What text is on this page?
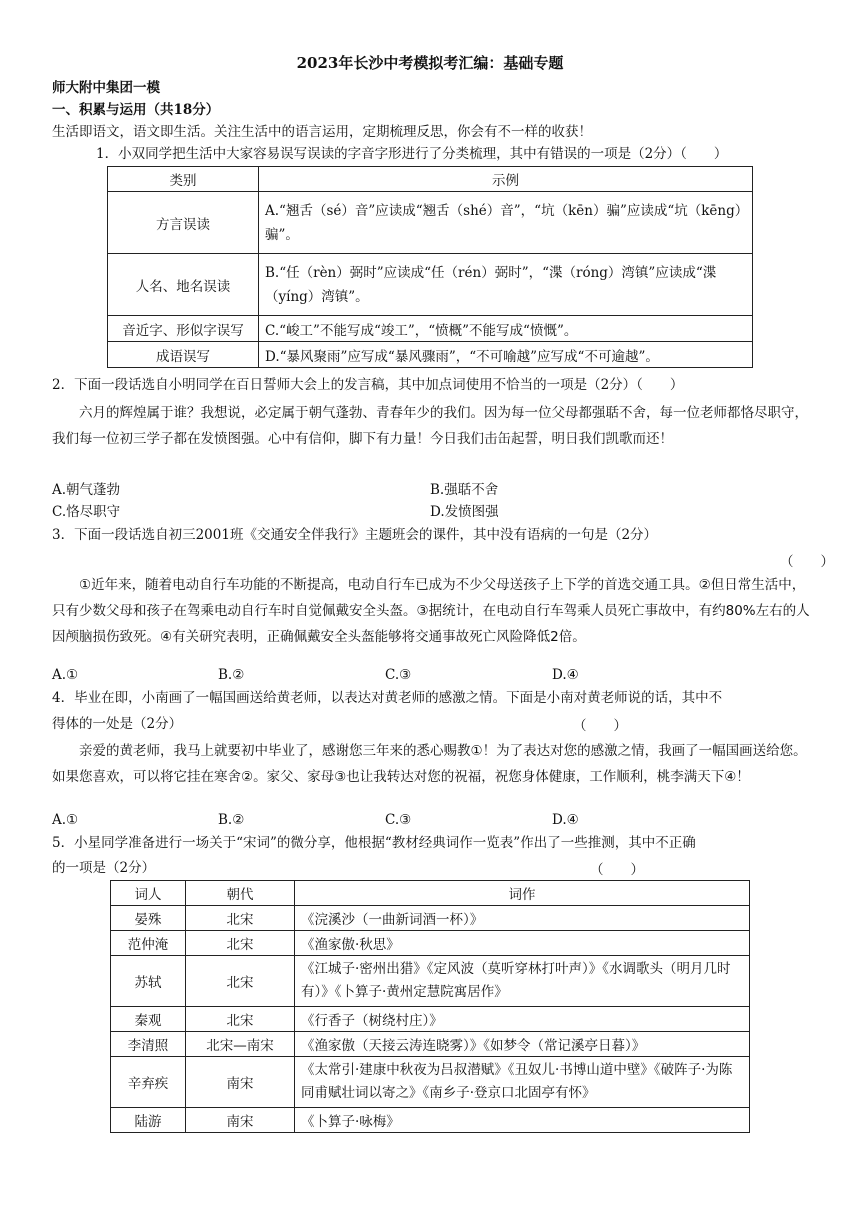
2023年长沙中考模拟考汇编：基础专题
师大附中集团一模
一、积累与运用（共18分）
生活即语文，语文即生活。关注生活中的语言运用，定期梳理反思，你会有不一样的收获！
1．小双同学把生活中大家容易误写误读的字音字形进行了分类梳理，其中有错误的一项是（2分）（　　）
类别	示例
方言误读	A.“翘舌（sé）音”应读成“翘舌（shé）音”，“坑（kēn）骗”应读成“坑（kēng）骗”。
人名、地名误读	B.“任（rèn）弼时”应读成“任（rén）弼时”，“渫（róng）湾镇”应读成“渫（yíng）湾镇”。
音近字、形似字误写	C.“峻工”不能写成“竣工”，“愤概”不能写成“愤慨”。
成语误写	D.“暴风聚雨”应写成“暴风骤雨”，“不可喻越”应写成“不可逾越”。
2．下面一段话选自小明同学在百日誓师大会上的发言稿，其中加点词使用不恰当的一项是（2分）（　　）
六月的辉煌属于谁？我想说，必定属于朝气蓬勃、青春年少的我们。因为每一位父母都强聒不舍，每一位老师都恪尽职守，我们每一位初三学子都在发愤图强。心中有信仰，脚下有力量！今日我们击缶起誓，明日我们凯歌而还！
A.朝气蓬勃	B.强聒不舍
C.恪尽职守	D.发愤图强
3．下面一段话选自初三2001班《交通安全伴我行》主题班会的课件，其中没有语病的一句是（2分）
（　　）
①近年来，随着电动自行车功能的不断提高，电动自行车已成为不少父母送孩子上下学的首选交通工具。②但日常生活中，只有少数父母和孩子在驾乘电动自行车时自觉佩戴安全头盔。③据统计，在电动自行车驾乘人员死亡事故中，有约80%左右的人因颅脑损伤致死。④有关研究表明，正确佩戴安全头盔能够将交通事故死亡风险降低2倍。
A.①	B.②	C.③	D.④
4．毕业在即，小南画了一幅国画送给黄老师，以表达对黄老师的感激之情。下面是小南对黄老师说的话，其中不
得体的一处是（2分）	（　　）
亲爱的黄老师，我马上就要初中毕业了，感谢您三年来的悉心赐教①！为了表达对您的感激之情，我画了一幅国画送给您。如果您喜欢，可以将它挂在寒舍②。家父、家母③也让我转达对您的祝福，祝您身体健康，工作顺利，桃李满天下④！
A.①	B.②	C.③	D.④
5．小星同学准备进行一场关于“宋词”的微分享，他根据“教材经典词作一览表”作出了一些推测，其中不正确
的一项是（2分）	（　　）
词人	朝代	词作
晏殊	北宋	《浣溪沙（一曲新词酒一杯）》
范仲淹	北宋	《渔家傲·秋思》
苏轼	北宋	《江城子·密州出猎》《定风波（莫听穿林打叶声）》《水调歌头（明月几时有）》《卜算子·黄州定慧院寓居作》
秦观	北宋	《行香子（树绕村庄）》
李清照	北宋—南宋	《渔家傲（天接云涛连晓雾）》《如梦令（常记溪亭日暮）》
辛弃疾	南宋	《太常引·建康中秋夜为吕叔潜赋》《丑奴儿·书博山道中壁》《破阵子·为陈同甫赋壮词以寄之》《南乡子·登京口北固亭有怀》
陆游	南宋	《卜算子·咏梅》
